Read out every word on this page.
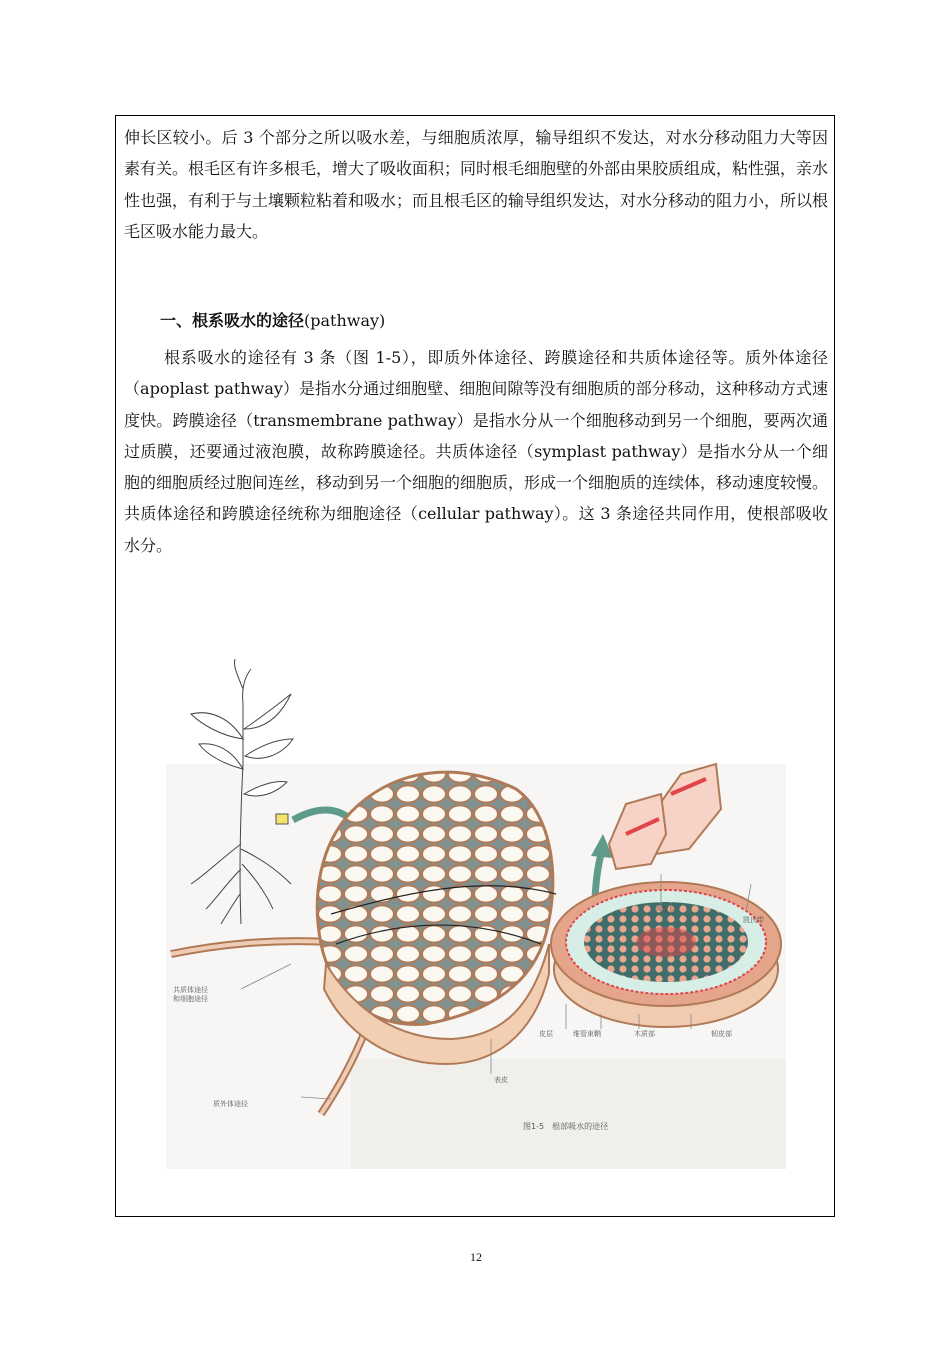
伸长区较小。后 3 个部分之所以吸水差，与细胞质浓厚，输导组织不发达，对水分移动阻力大等因素有关。根毛区有许多根毛，增大了吸收面积；同时根毛细胞壁的外部由果胶质组成，粘性强，亲水性也强，有利于与土壤颗粒粘着和吸水；而且根毛区的输导组织发达，对水分移动的阻力小，所以根毛区吸水能力最大。

一、根系吸水的途径(pathway)

根系吸水的途径有 3 条（图 1-5），即质外体途径、跨膜途径和共质体途径等。质外体途径（apoplast pathway）是指水分通过细胞壁、细胞间隙等没有细胞质的部分移动，这种移动方式速度快。跨膜途径（transmembrane pathway）是指水分从一个细胞移动到另一个细胞，要两次通过质膜，还要通过液泡膜，故称跨膜途径。共质体途径（symplast pathway）是指水分从一个细胞的细胞质经过胞间连丝，移动到另一个细胞的细胞质，形成一个细胞质的连续体，移动速度较慢。共质体途径和跨膜途径统称为细胞途径（cellular pathway）。这 3 条途径共同作用，使根部吸收水分。

内皮层
凯氏带
共质体途径
和细胞途径
皮层	维管束鞘	木质部	韧皮部
表皮
质外体途径
图1-5　根部吸水的途径
12
